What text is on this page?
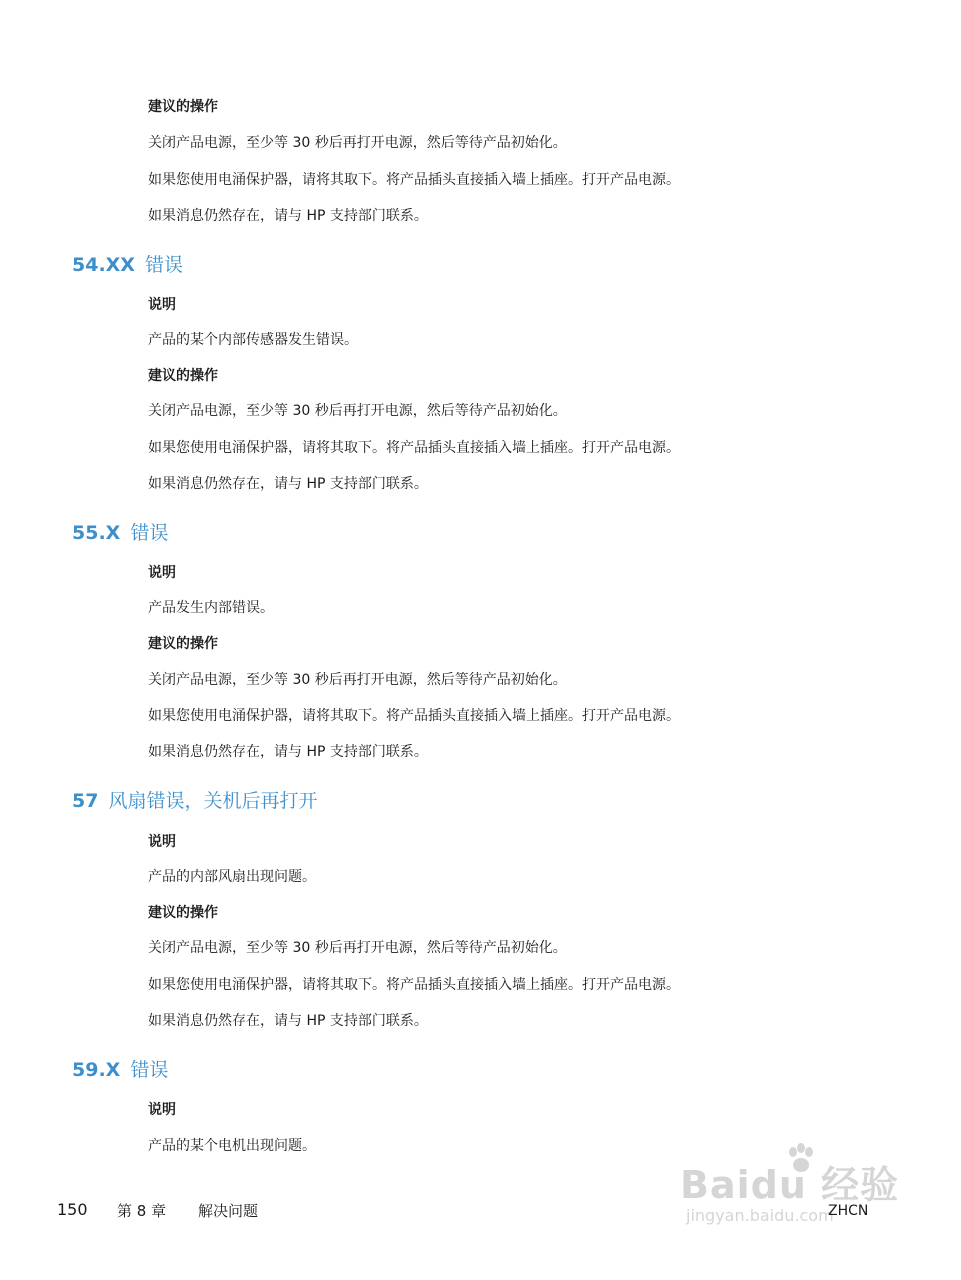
建议的操作

关闭产品电源，至少等 30 秒后再打开电源，然后等待产品初始化。

如果您使用电涌保护器，请将其取下。将产品插头直接插入墙上插座。打开产品电源。

如果消息仍然存在，请与 HP 支持部门联系。

54.XX 错误

说明

产品的某个内部传感器发生错误。

建议的操作

关闭产品电源，至少等 30 秒后再打开电源，然后等待产品初始化。

如果您使用电涌保护器，请将其取下。将产品插头直接插入墙上插座。打开产品电源。

如果消息仍然存在，请与 HP 支持部门联系。

55.X 错误

说明

产品发生内部错误。

建议的操作

关闭产品电源，至少等 30 秒后再打开电源，然后等待产品初始化。

如果您使用电涌保护器，请将其取下。将产品插头直接插入墙上插座。打开产品电源。

如果消息仍然存在，请与 HP 支持部门联系。

57 风扇错误，关机后再打开

说明

产品的内部风扇出现问题。

建议的操作

关闭产品电源，至少等 30 秒后再打开电源，然后等待产品初始化。

如果您使用电涌保护器，请将其取下。将产品插头直接插入墙上插座。打开产品电源。

如果消息仍然存在，请与 HP 支持部门联系。

59.X 错误

说明

产品的某个电机出现问题。

Baidu 经验
jingyan.baidu.com
150 第 8 章 解决问题	ZHCN
